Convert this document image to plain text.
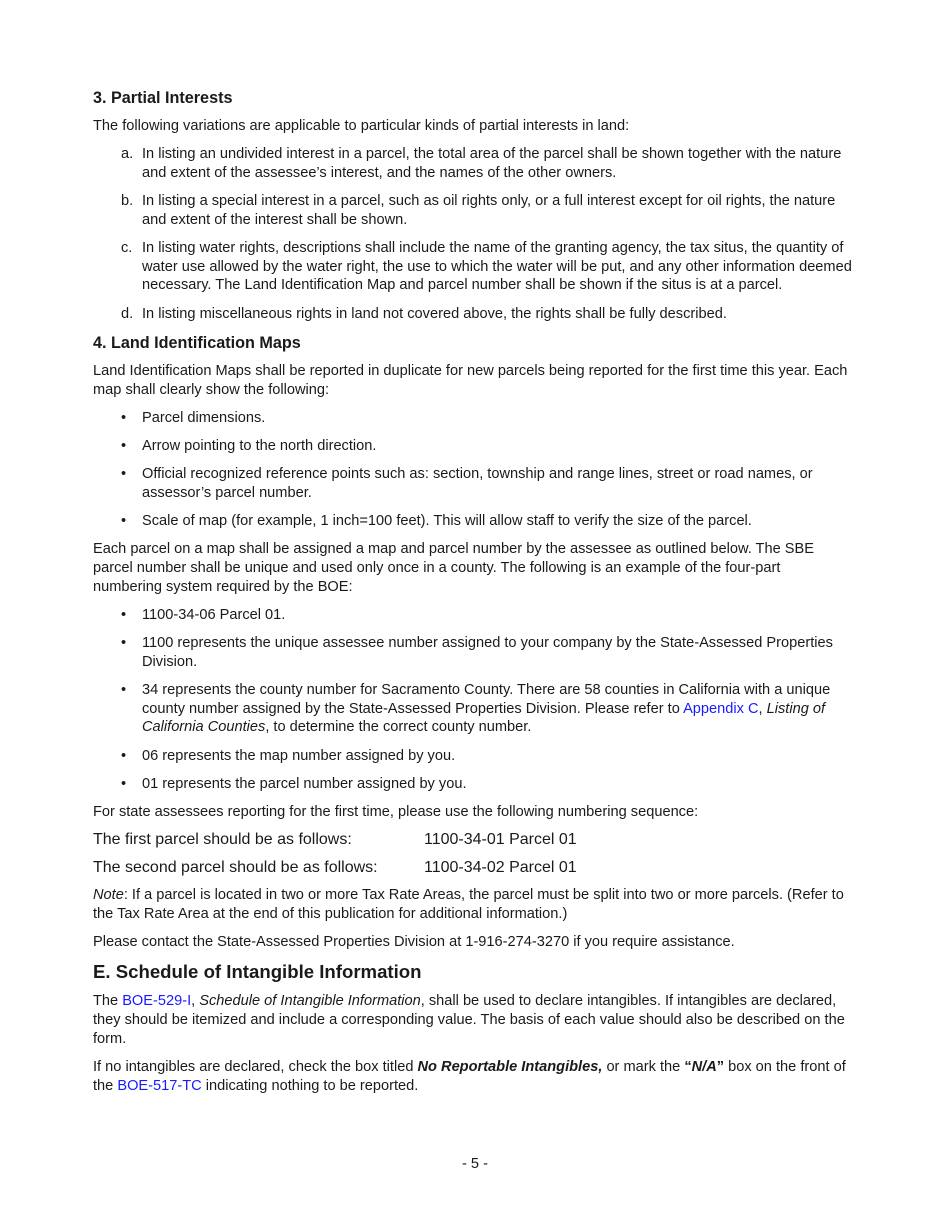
3. Partial Interests

The following variations are applicable to particular kinds of partial interests in land:

a. In listing an undivided interest in a parcel, the total area of the parcel shall be shown together with the nature and extent of the assessee’s interest, and the names of the other owners.
b. In listing a special interest in a parcel, such as oil rights only, or a full interest except for oil rights, the nature and extent of the interest shall be shown.
c. In listing water rights, descriptions shall include the name of the granting agency, the tax situs, the quantity of water use allowed by the water right, the use to which the water will be put, and any other information deemed necessary. The Land Identification Map and parcel number shall be shown if the situs is at a parcel.
d. In listing miscellaneous rights in land not covered above, the rights shall be fully described.
4. Land Identification Maps

Land Identification Maps shall be reported in duplicate for new parcels being reported for the first time this year. Each map shall clearly show the following:

• Parcel dimensions.
• Arrow pointing to the north direction.
• Official recognized reference points such as: section, township and range lines, street or road names, or assessor’s parcel number.
• Scale of map (for example, 1 inch=100 feet). This will allow staff to verify the size of the parcel.

Each parcel on a map shall be assigned a map and parcel number by the assessee as outlined below. The SBE parcel number shall be unique and used only once in a county. The following is an example of the four-part numbering system required by the BOE:

• 1100-34-06 Parcel 01.
• 1100 represents the unique assessee number assigned to your company by the State-Assessed Properties Division.
• 34 represents the county number for Sacramento County. There are 58 counties in California with a unique county number assigned by the State-Assessed Properties Division. Please refer to Appendix C, Listing of California Counties, to determine the correct county number.
• 06 represents the map number assigned by you.
• 01 represents the parcel number assigned by you.

For state assessees reporting for the first time, please use the following numbering sequence:

The first parcel should be as follows:	1100-34-01 Parcel 01
The second parcel should be as follows:	1100-34-02 Parcel 01

Note: If a parcel is located in two or more Tax Rate Areas, the parcel must be split into two or more parcels. (Refer to the Tax Rate Area at the end of this publication for additional information.)

Please contact the State-Assessed Properties Division at 1-916-274-3270 if you require assistance.

E. Schedule of Intangible Information

The BOE-529-I, Schedule of Intangible Information, shall be used to declare intangibles. If intangibles are declared, they should be itemized and include a corresponding value. The basis of each value should also be described on the form.

If no intangibles are declared, check the box titled No Reportable Intangibles, or mark the “N/A” box on the front of the BOE-517-TC indicating nothing to be reported.

- 5 -
